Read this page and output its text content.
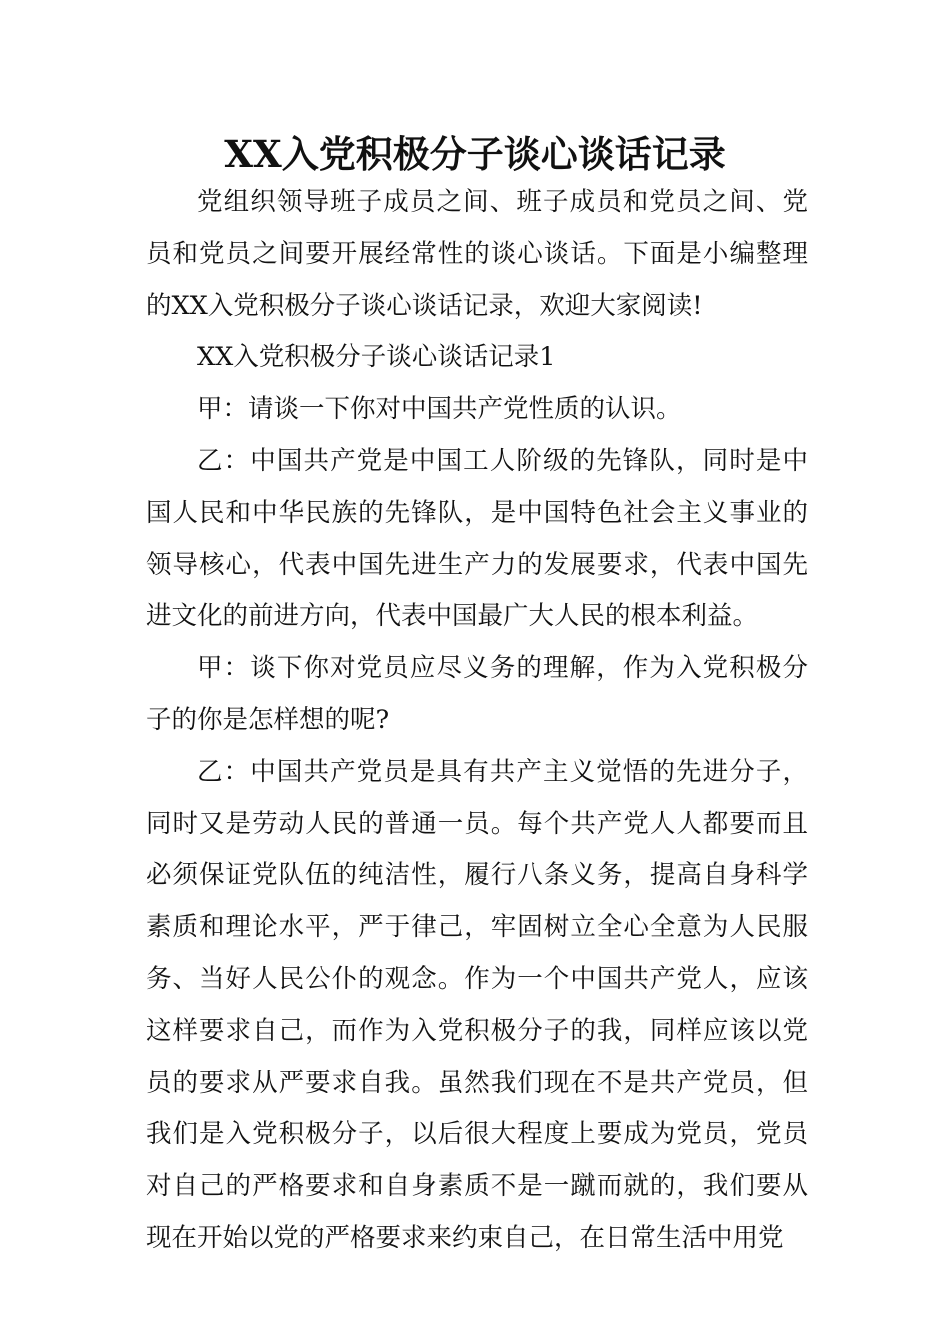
XX入党积极分子谈心谈话记录

党组织领导班子成员之间、班子成员和党员之间、党员和党员之间要开展经常性的谈心谈话。下面是小编整理的XX入党积极分子谈心谈话记录，欢迎大家阅读!

XX入党积极分子谈心谈话记录1

甲：请谈一下你对中国共产党性质的认识。

乙：中国共产党是中国工人阶级的先锋队，同时是中国人民和中华民族的先锋队，是中国特色社会主义事业的领导核心，代表中国先进生产力的发展要求，代表中国先进文化的前进方向，代表中国最广大人民的根本利益。

甲：谈下你对党员应尽义务的理解，作为入党积极分子的你是怎样想的呢?

乙：中国共产党员是具有共产主义觉悟的先进分子，同时又是劳动人民的普通一员。每个共产党人人都要而且必须保证党队伍的纯洁性，履行八条义务，提高自身科学素质和理论水平，严于律己，牢固树立全心全意为人民服务、当好人民公仆的观念。作为一个中国共产党人，应该这样要求自己，而作为入党积极分子的我，同样应该以党员的要求从严要求自我。虽然我们现在不是共产党员，但我们是入党积极分子，以后很大程度上要成为党员，党员对自己的严格要求和自身素质不是一蹴而就的，我们要从现在开始以党的严格要求来约束自己，在日常生活中用党
